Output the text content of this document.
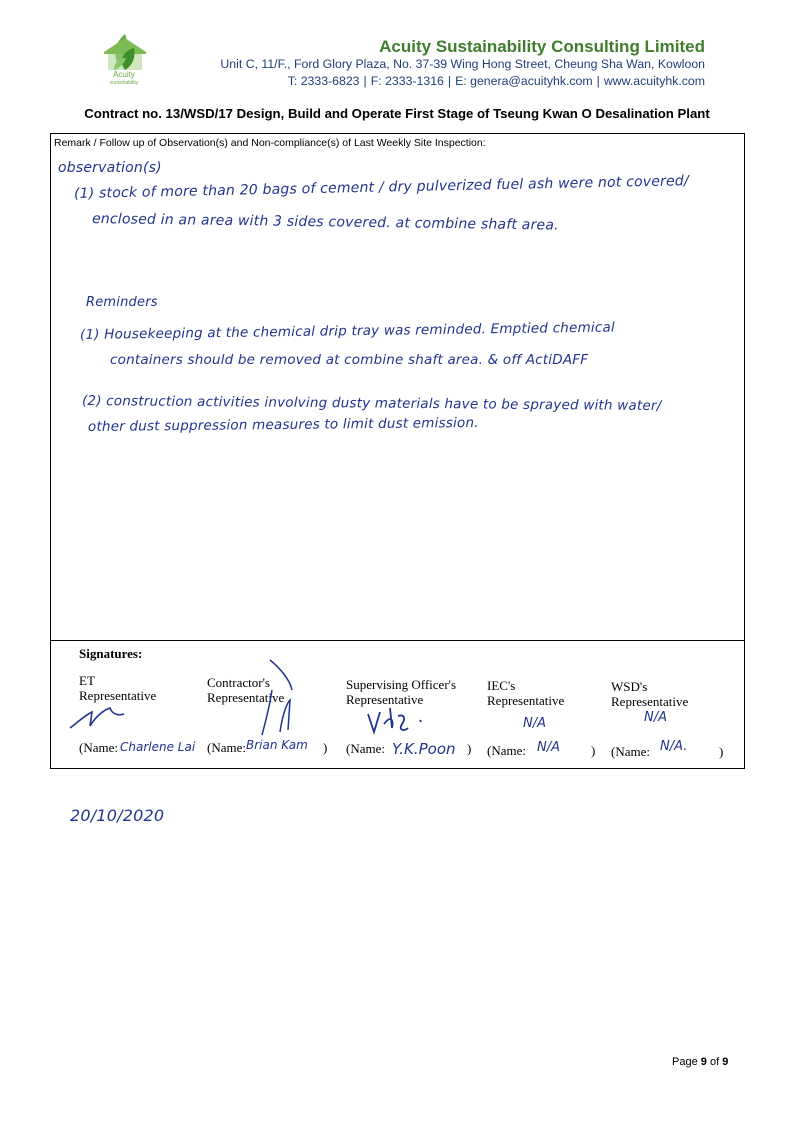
Acuity
sustainability
Acuity Sustainability Consulting Limited
Unit C, 11/F., Ford Glory Plaza, No. 37-39 Wing Hong Street, Cheung Sha Wan, Kowloon
T: 2333-6823 | F: 2333-1316 | E: genera@acuityhk.com | www.acuityhk.com
Contract no. 13/WSD/17 Design, Build and Operate First Stage of Tseung Kwan O Desalination Plant
Remark / Follow up of Observation(s) and Non-compliance(s) of Last Weekly Site Inspection:
observation(s)
(1) stock of more than 20 bags of cement / dry pulverized fuel ash were not covered/
enclosed in an area with 3 sides covered. at combine shaft area.
Reminders
(1) Housekeeping at the chemical drip tray was reminded. Emptied chemical
containers should be removed at combine shaft area. & off ActiDAFF
(2) construction activities involving dusty materials have to be sprayed with water/
other dust suppression measures to limit dust emission.
Signatures:
ET
Representative
(Name: Charlene Lai
Contractor's
Representative
(Name: Brian Kam )
Supervising Officer's
Representative
(Name: Y.K.Poon )
IEC's
Representative
N/A
(Name: N/A )
WSD's
Representative
N/A
(Name: N/A. )
20/10/2020
Page 9 of 9
